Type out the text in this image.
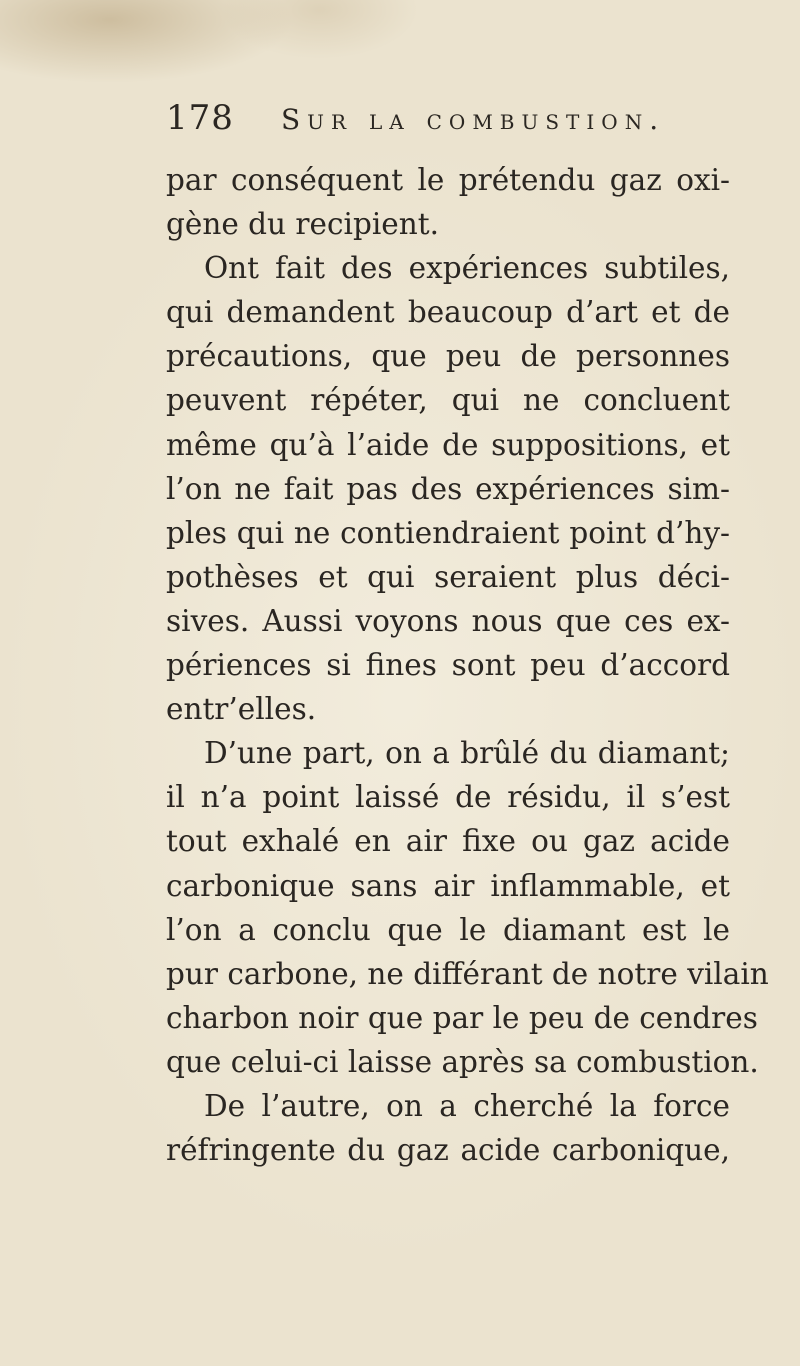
178 Sur la combustion.
par conséquent le prétendu gaz oxi-
gène du recipient.
Ont fait des expériences subtiles,
qui demandent beaucoup d’art et de
précautions, que peu de personnes
peuvent répéter, qui ne concluent
même qu’à l’aide de suppositions, et
l’on ne fait pas des expériences sim-
ples qui ne contiendraient point d’hy-
pothèses et qui seraient plus déci-
sives. Aussi voyons nous que ces ex-
périences si fines sont peu d’accord
entr’elles.
D’une part, on a brûlé du diamant;
il n’a point laissé de résidu, il s’est
tout exhalé en air fixe ou gaz acide
carbonique sans air inflammable, et
l’on a conclu que le diamant est le
pur carbone, ne différant de notre vilain
charbon noir que par le peu de cendres
que celui-ci laisse après sa combustion.
De l’autre, on a cherché la force
réfringente du gaz acide carbonique,
